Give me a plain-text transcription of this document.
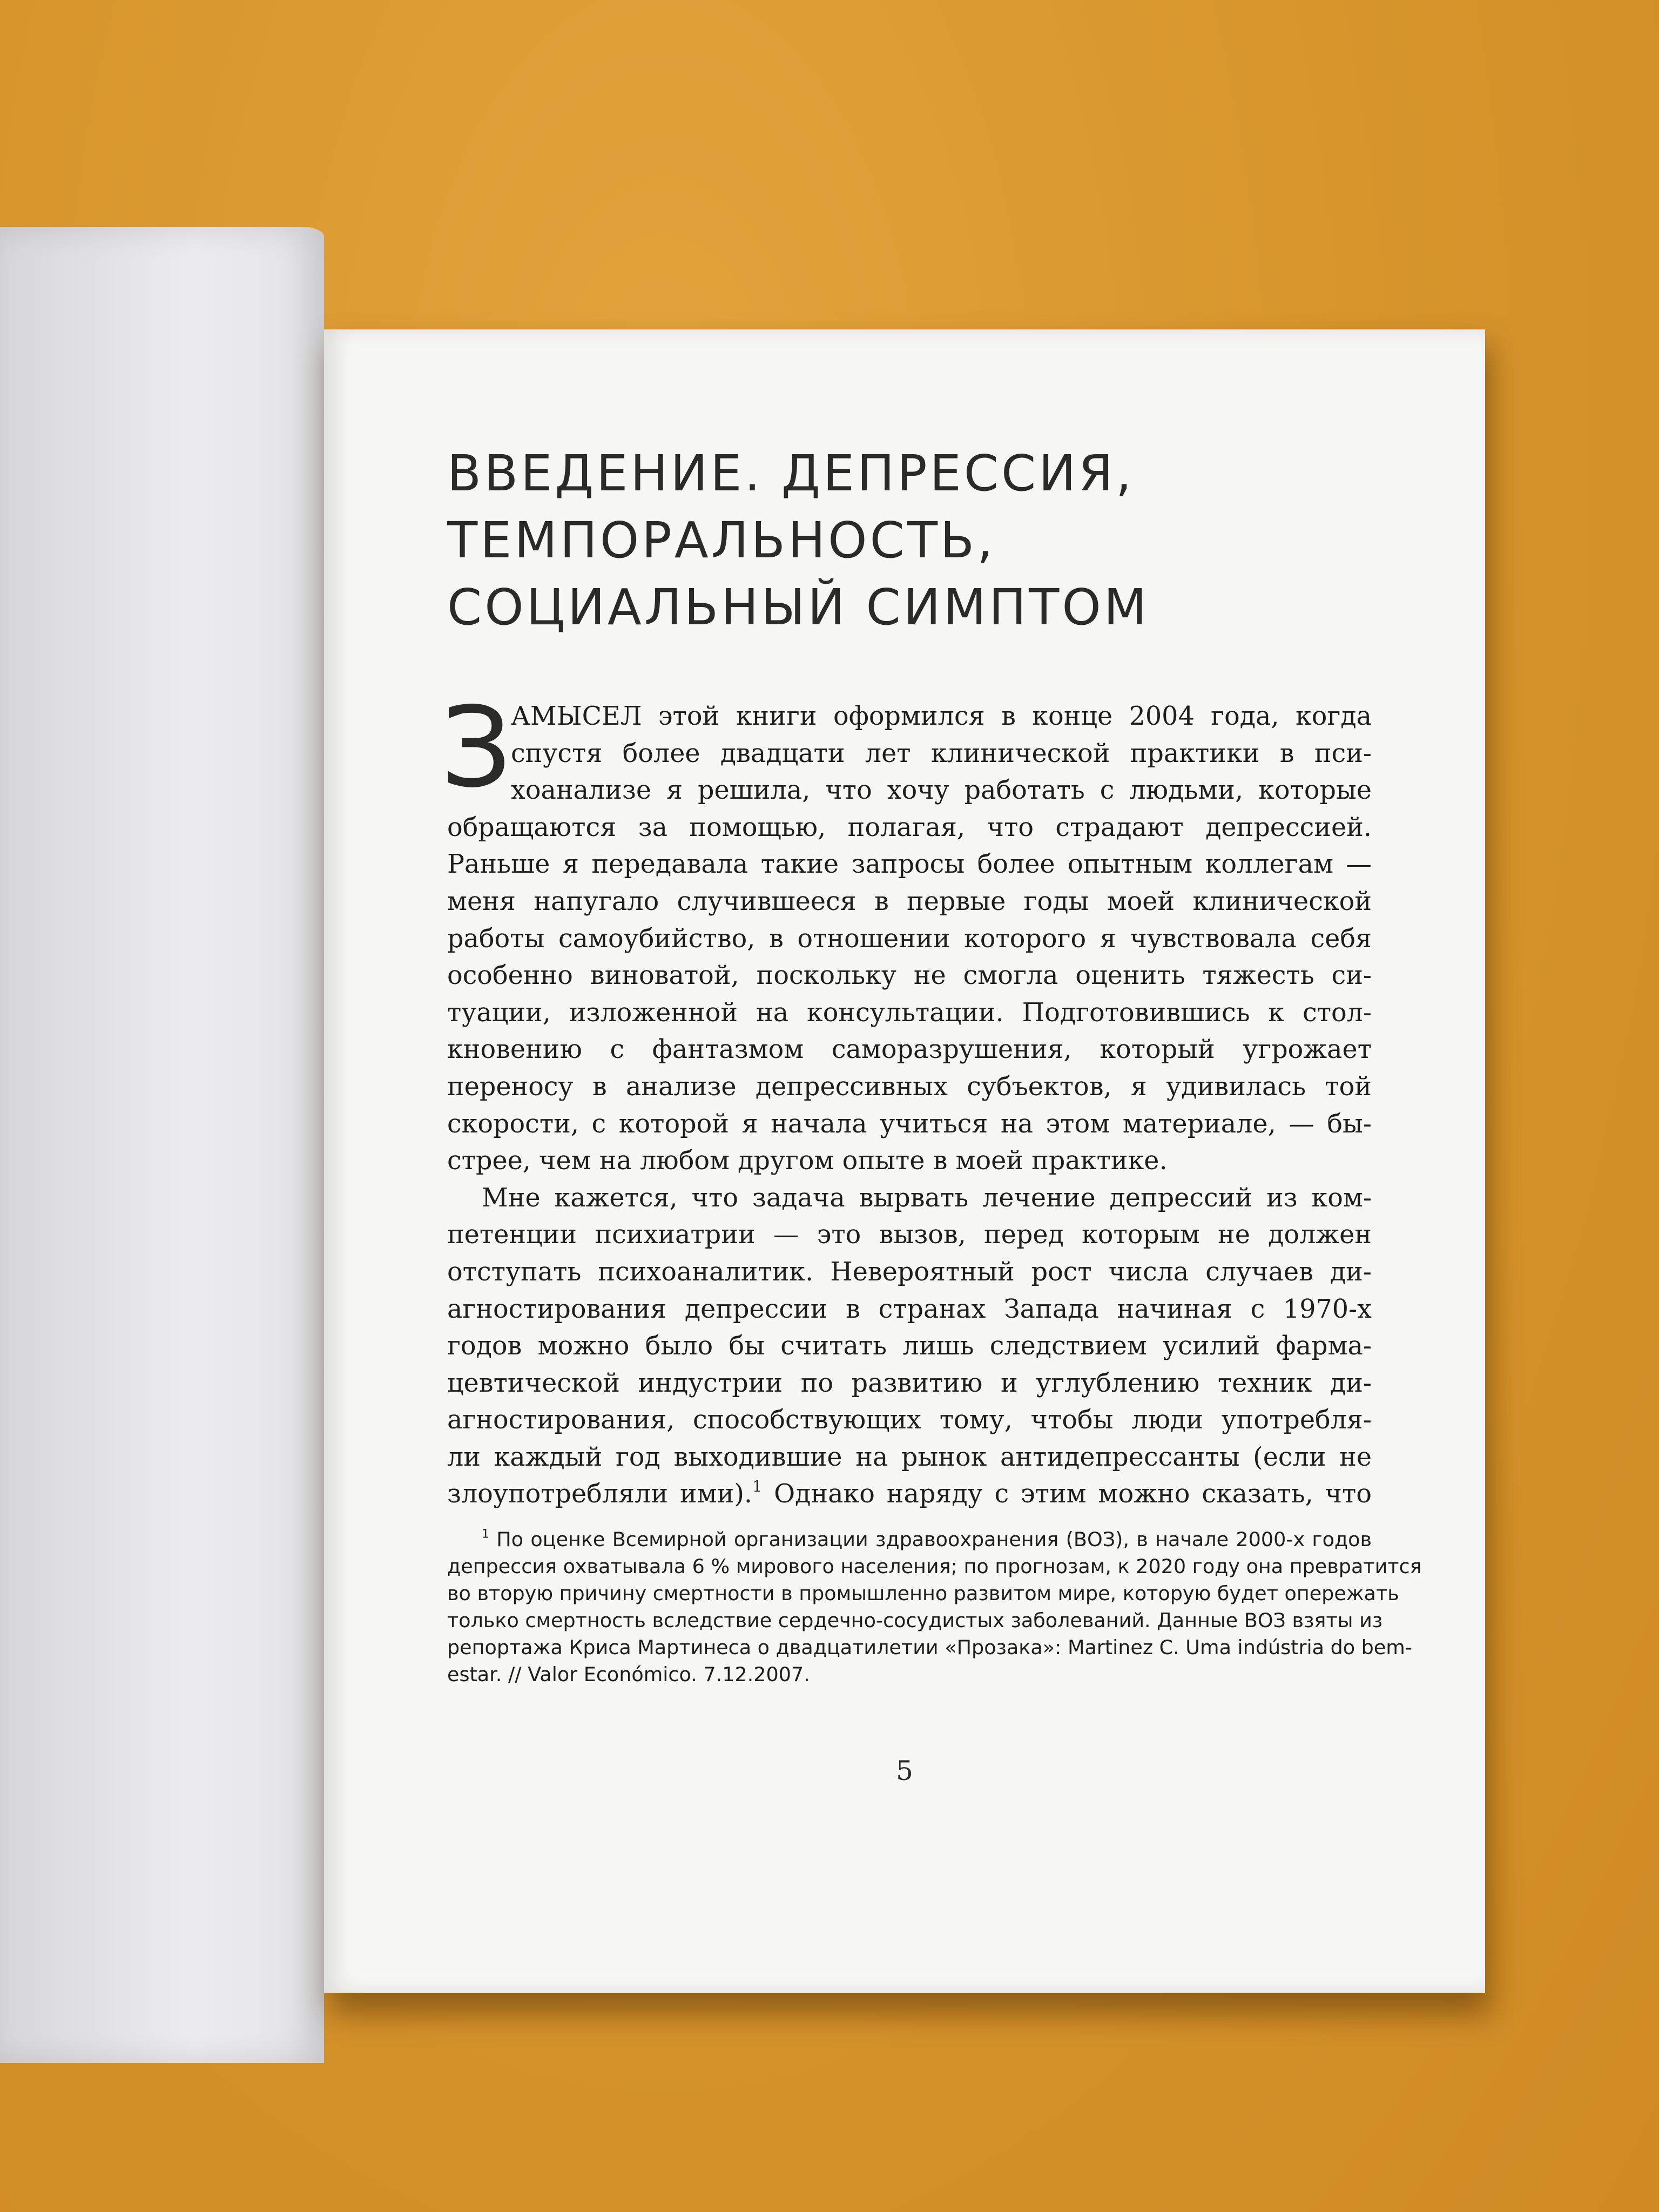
ВВЕДЕНИЕ. ДЕПРЕССИЯ,
ТЕМПОРАЛЬНОСТЬ,
СОЦИАЛЬНЫЙ СИМПТОМ
З
АМЫСЕЛ этой книги оформился в конце 2004 года, когда
спустя более двадцати лет клинической практики в пси-
хоанализе я решила, что хочу работать с людьми, которые
обращаются за помощью, полагая, что страдают депрессией.
Раньше я передавала такие запросы более опытным коллегам —
меня напугало случившееся в первые годы моей клинической
работы самоубийство, в отношении которого я чувствовала себя
особенно виноватой, поскольку не смогла оценить тяжесть си-
туации, изложенной на консультации. Подготовившись к стол-
кновению с фантазмом саморазрушения, который угрожает
переносу в анализе депрессивных субъектов, я удивилась той
скорости, с которой я начала учиться на этом материале, — бы-
стрее, чем на любом другом опыте в моей практике.
Мне кажется, что задача вырвать лечение депрессий из ком-
петенции психиатрии — это вызов, перед которым не должен
отступать психоаналитик. Невероятный рост числа случаев ди-
агностирования депрессии в странах Запада начиная с 1970-х
годов можно было бы считать лишь следствием усилий фарма-
цевтической индустрии по развитию и углублению техник ди-
агностирования, способствующих тому, чтобы люди употребля-
ли каждый год выходившие на рынок антидепрессанты (если не
злоупотребляли ими).$^1$ Однако наряду с этим можно сказать, что
$^1$ По оценке Всемирной организации здравоохранения (ВОЗ), в начале 2000-х годов
депрессия охватывала 6 % мирового населения; по прогнозам, к 2020 году она превратится
во вторую причину смертности в промышленно развитом мире, которую будет опережать
только смертность вследствие сердечно-сосудистых заболеваний. Данные ВОЗ взяты из
репортажа Криса Мартинеса о двадцатилетии «Прозака»: Martinez C. Uma indústria do bem-
estar. // Valor Económico. 7.12.2007.
5
